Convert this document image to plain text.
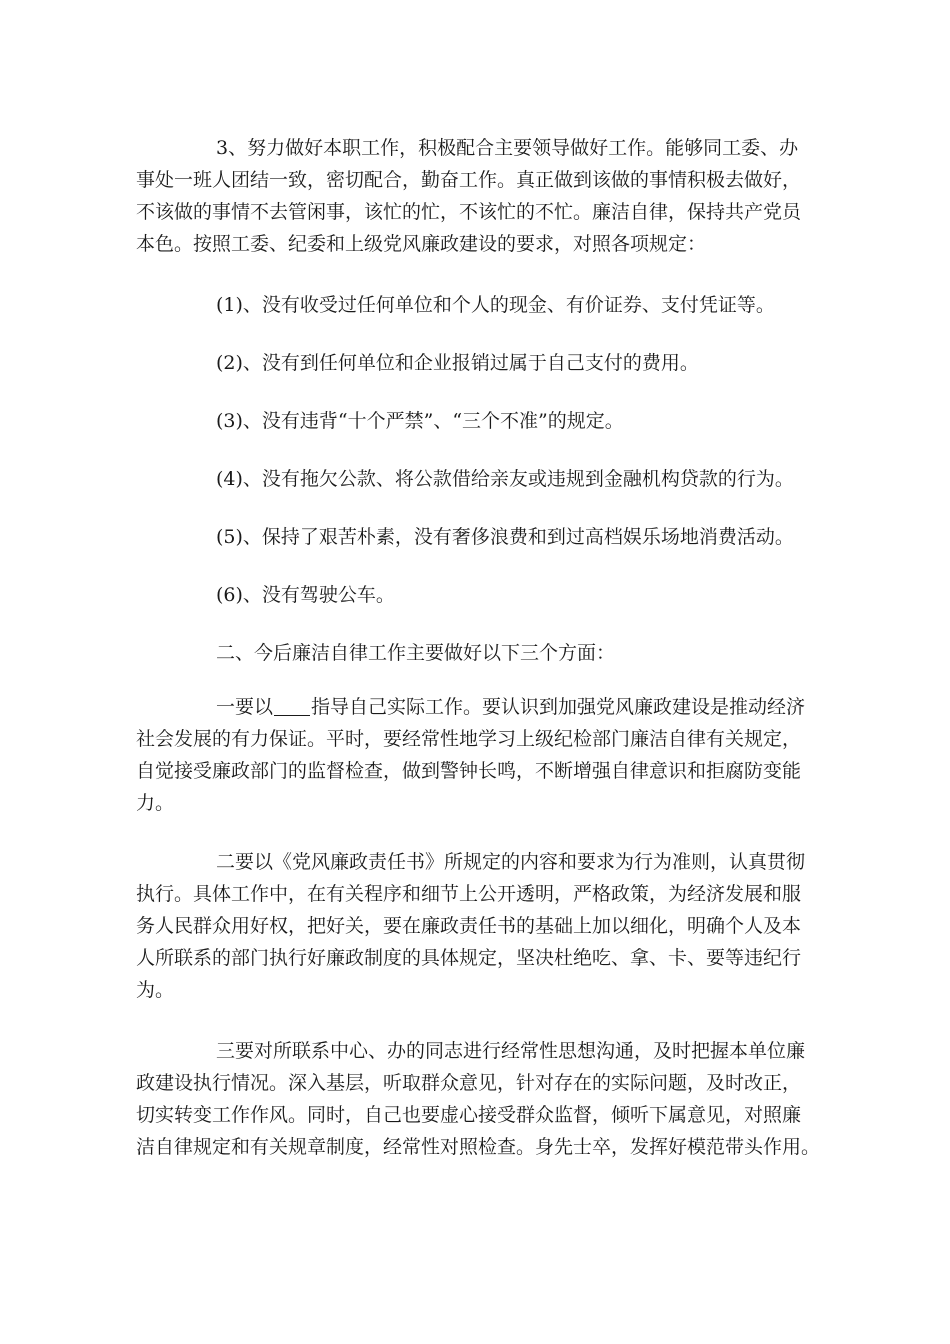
3、努力做好本职工作，积极配合主要领导做好工作。能够同工委、办
事处一班人团结一致，密切配合，勤奋工作。真正做到该做的事情积极去做好，
不该做的事情不去管闲事，该忙的忙，不该忙的不忙。廉洁自律，保持共产党员
本色。按照工委、纪委和上级党风廉政建设的要求，对照各项规定：
(1)、没有收受过任何单位和个人的现金、有价证券、支付凭证等。
(2)、没有到任何单位和企业报销过属于自己支付的费用。
(3)、没有违背“十个严禁”、“三个不准”的规定。
(4)、没有拖欠公款、将公款借给亲友或违规到金融机构贷款的行为。
(5)、保持了艰苦朴素，没有奢侈浪费和到过高档娱乐场地消费活动。
(6)、没有驾驶公车。
二、今后廉洁自律工作主要做好以下三个方面：
一要以 指导自己实际工作。要认识到加强党风廉政建设是推动经济
社会发展的有力保证。平时，要经常性地学习上级纪检部门廉洁自律有关规定，
自觉接受廉政部门的监督检查，做到警钟长鸣，不断增强自律意识和拒腐防变能
力。
二要以《党风廉政责任书》所规定的内容和要求为行为准则，认真贯彻
执行。具体工作中，在有关程序和细节上公开透明，严格政策，为经济发展和服
务人民群众用好权，把好关，要在廉政责任书的基础上加以细化，明确个人及本
人所联系的部门执行好廉政制度的具体规定，坚决杜绝吃、拿、卡、要等违纪行
为。
三要对所联系中心、办的同志进行经常性思想沟通，及时把握本单位廉
政建设执行情况。深入基层，听取群众意见，针对存在的实际问题，及时改正，
切实转变工作作风。同时，自己也要虚心接受群众监督，倾听下属意见，对照廉
洁自律规定和有关规章制度，经常性对照检查。身先士卒，发挥好模范带头作用。
